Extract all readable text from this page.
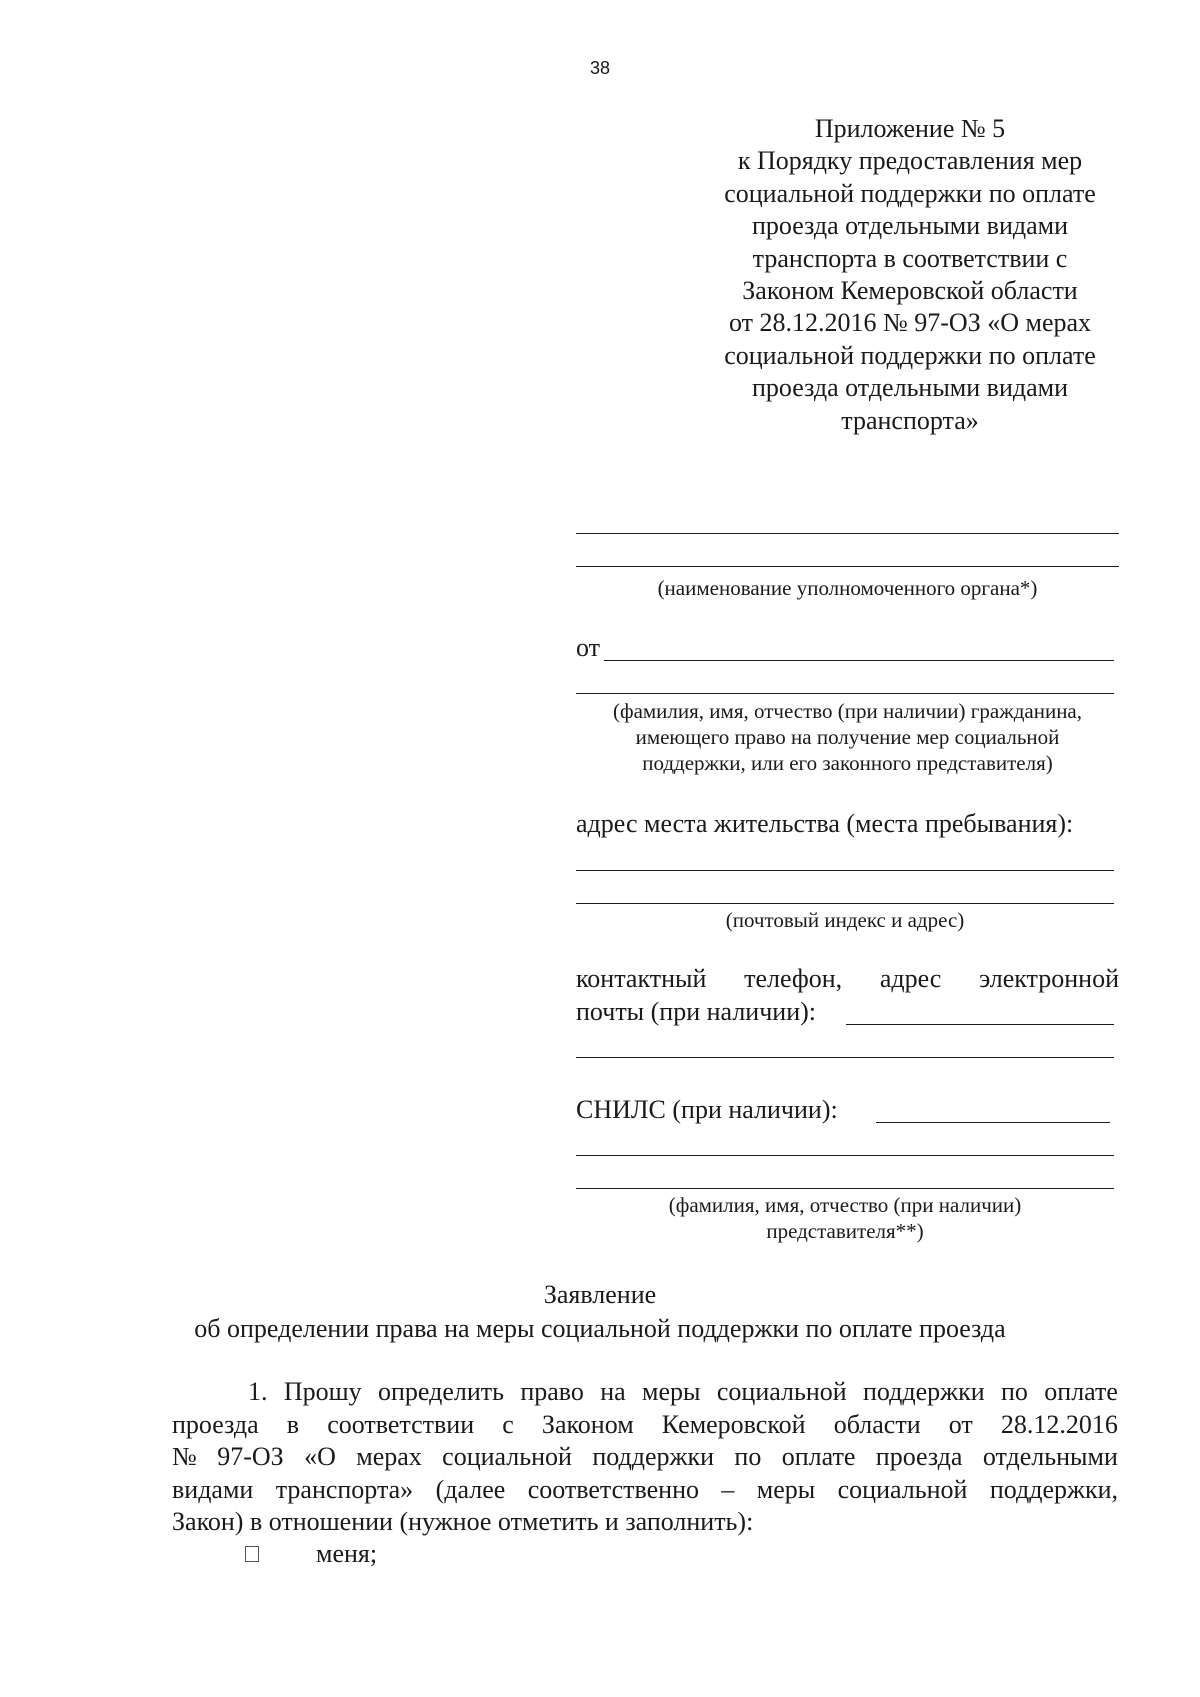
38
Приложение № 5
к Порядку предоставления мер
социальной поддержки по оплате
проезда отдельными видами
транспорта в соответствии с
Законом Кемеровской области
от 28.12.2016 № 97-ОЗ «О мерах
социальной поддержки по оплате
проезда отдельными видами
транспорта»
(наименование уполномоченного органа*)
от
(фамилия, имя, отчество (при наличии) гражданина,
имеющего право на получение мер социальной
поддержки, или его законного представителя)
адрес места жительства (места пребывания):
(почтовый индекс и адрес)
контактный телефон, адрес электронной
почты (при наличии):
СНИЛС (при наличии):
(фамилия, имя, отчество (при наличии)
представителя**)
Заявление
об определении права на меры социальной поддержки по оплате проезда
1. Прошу определить право на меры социальной поддержки по оплате
проезда в соответствии с Законом Кемеровской области от 28.12.2016
№ 97-ОЗ «О мерах социальной поддержки по оплате проезда отдельными
видами транспорта» (далее соответственно – меры социальной поддержки,
Закон) в отношении (нужное отметить и заполнить):
меня;
